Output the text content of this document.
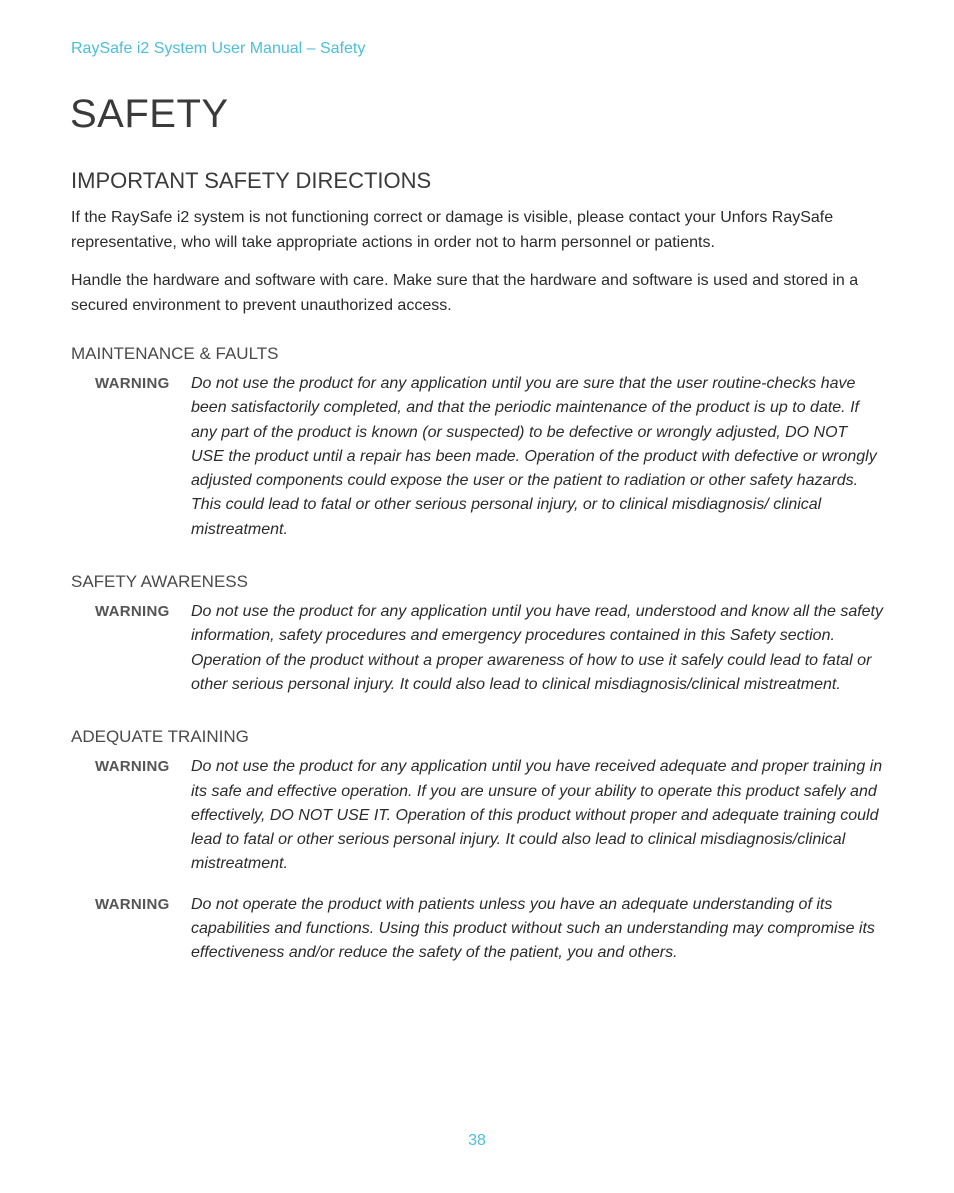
RaySafe i2 System User Manual – Safety
SAFETY
IMPORTANT SAFETY DIRECTIONS

If the RaySafe i2 system is not functioning correct or damage is visible, please contact your Unfors RaySafe representative, who will take appropriate actions in order not to harm personnel or patients.

Handle the hardware and software with care. Make sure that the hardware and software is used and stored in a secured environment to prevent unauthorized access.

MAINTENANCE & FAULTS
WARNING	Do not use the product for any application until you are sure that the user routine-checks have been satisfactorily completed, and that the periodic maintenance of the product is up to date. If any part of the product is known (or suspected) to be defective or wrongly adjusted, DO NOT USE the product until a repair has been made. Operation of the product with defective or wrongly adjusted components could expose the user or the patient to radiation or other safety hazards. This could lead to fatal or other serious personal injury, or to clinical misdiagnosis/ clinical mistreatment.

SAFETY AWARENESS
WARNING	Do not use the product for any application until you have read, understood and know all the safety information, safety procedures and emergency procedures contained in this Safety section. Operation of the product without a proper awareness of how to use it safely could lead to fatal or other serious personal injury. It could also lead to clinical misdiagnosis/clinical mistreatment.

ADEQUATE TRAINING
WARNING	Do not use the product for any application until you have received adequate and proper training in its safe and effective operation. If you are unsure of your ability to operate this product safely and effectively, DO NOT USE IT. Operation of this product without proper and adequate training could lead to fatal or other serious personal injury. It could also lead to clinical misdiagnosis/clinical mistreatment.

WARNING	Do not operate the product with patients unless you have an adequate understanding of its capabilities and functions. Using this product without such an understanding may compromise its effectiveness and/or reduce the safety of the patient, you and others.

38
